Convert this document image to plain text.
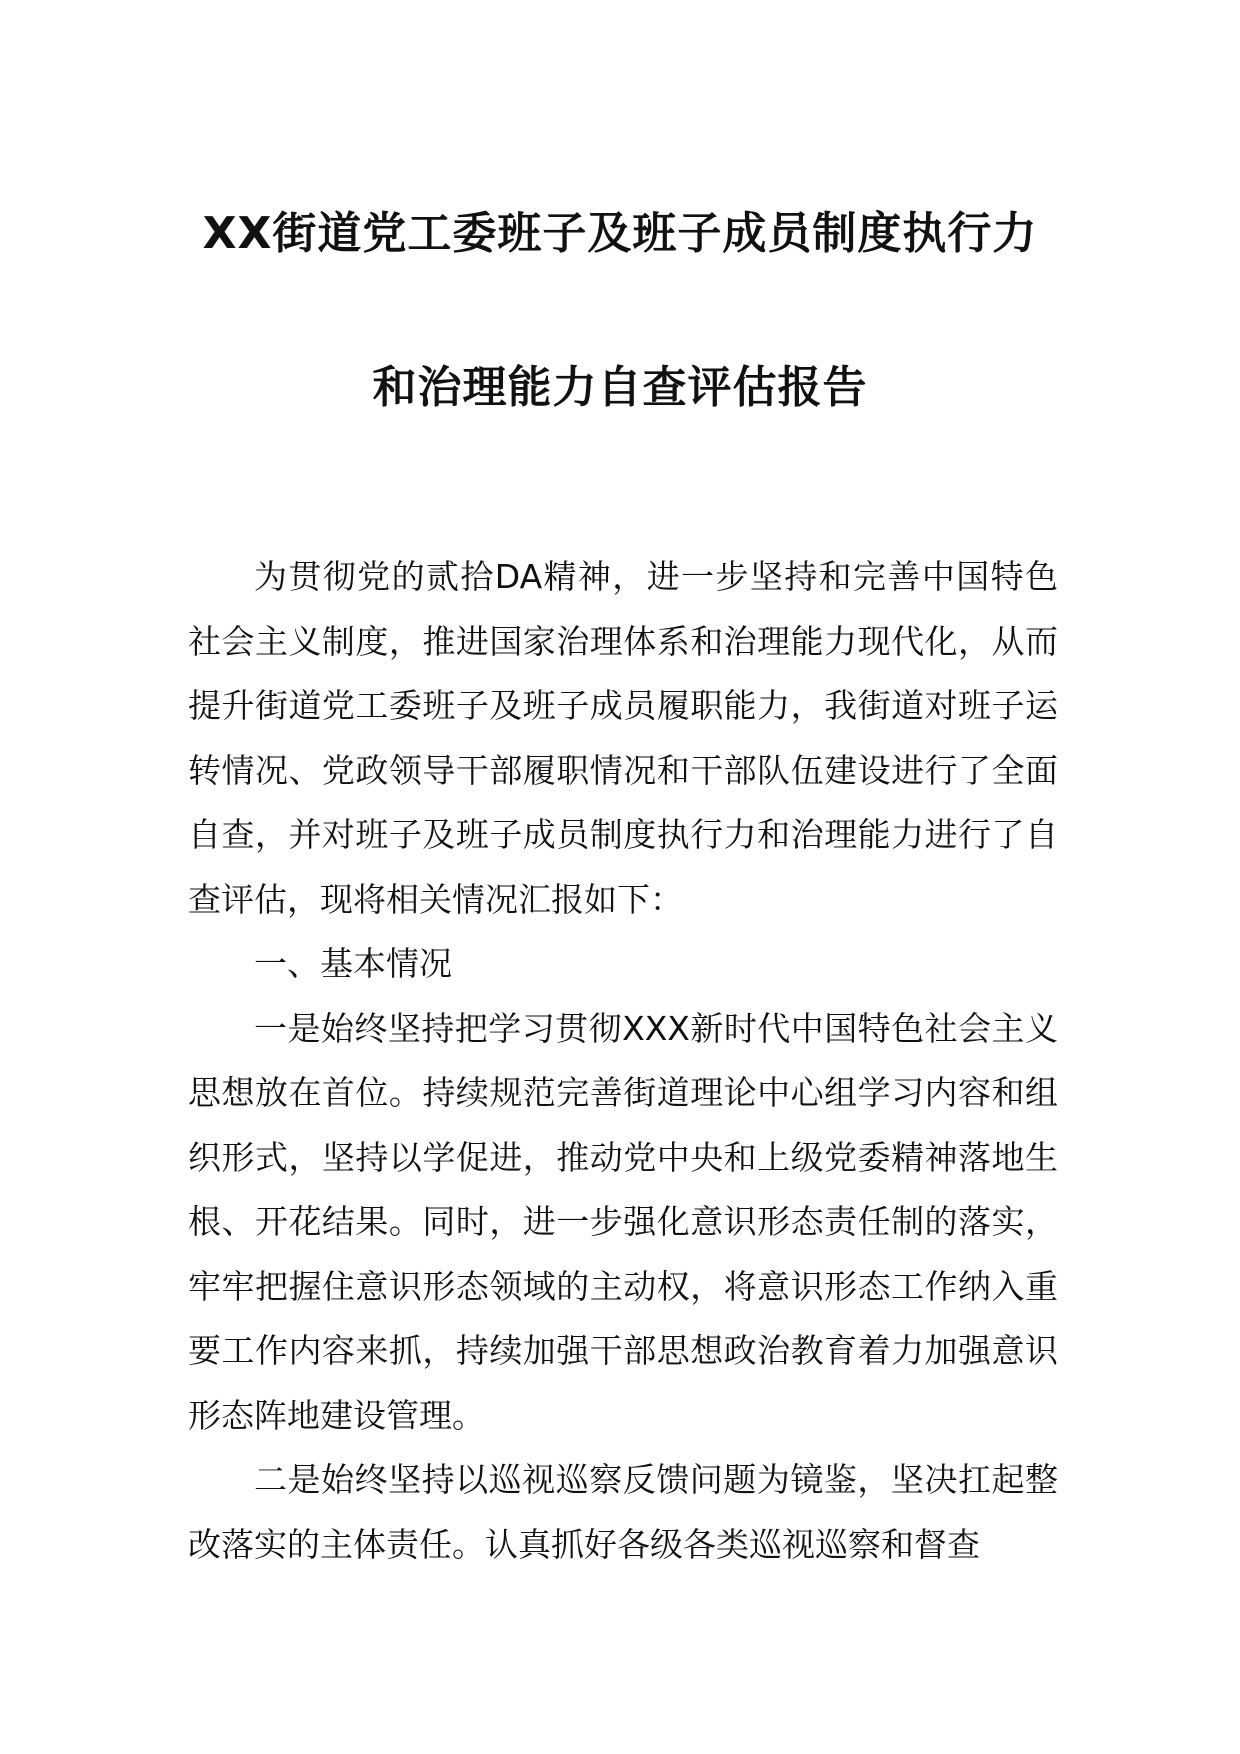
XX街道党工委班子及班子成员制度执行力
和治理能力自查评估报告

为贯彻党的贰拾DA精神，进一步坚持和完善中国特色社会主义制度，推进国家治理体系和治理能力现代化，从而提升街道党工委班子及班子成员履职能力，我街道对班子运转情况、党政领导干部履职情况和干部队伍建设进行了全面自查，并对班子及班子成员制度执行力和治理能力进行了自查评估，现将相关情况汇报如下：

一、基本情况

一是始终坚持把学习贯彻XXX新时代中国特色社会主义思想放在首位。持续规范完善街道理论中心组学习内容和组织形式，坚持以学促进，推动党中央和上级党委精神落地生根、开花结果。同时，进一步强化意识形态责任制的落实，牢牢把握住意识形态领域的主动权，将意识形态工作纳入重要工作内容来抓，持续加强干部思想政治教育着力加强意识形态阵地建设管理。

二是始终坚持以巡视巡察反馈问题为镜鉴，坚决扛起整改落实的主体责任。认真抓好各级各类巡视巡察和督查
